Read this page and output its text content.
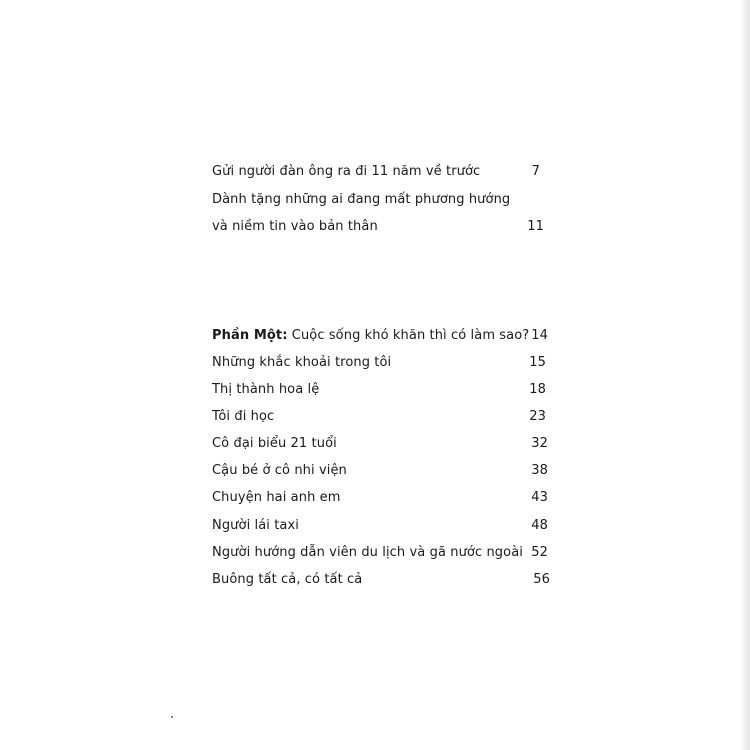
Gửi người đàn ông ra đi 11 năm về trước	7
Dành tặng những ai đang mất phương hướng
và niềm tin vào bản thân	11
Phần Một: Cuộc sống khó khăn thì có làm sao? 14
Những khắc khoải trong tôi	15
Thị thành hoa lệ	18
Tôi đi học	23
Cô đại biểu 21 tuổi	32
Cậu bé ở cô nhi viện	38
Chuyện hai anh em	43
Người lái taxi	48
Người hướng dẫn viên du lịch và gã nước ngoài 52
Buông tất cả, có tất cả	56
